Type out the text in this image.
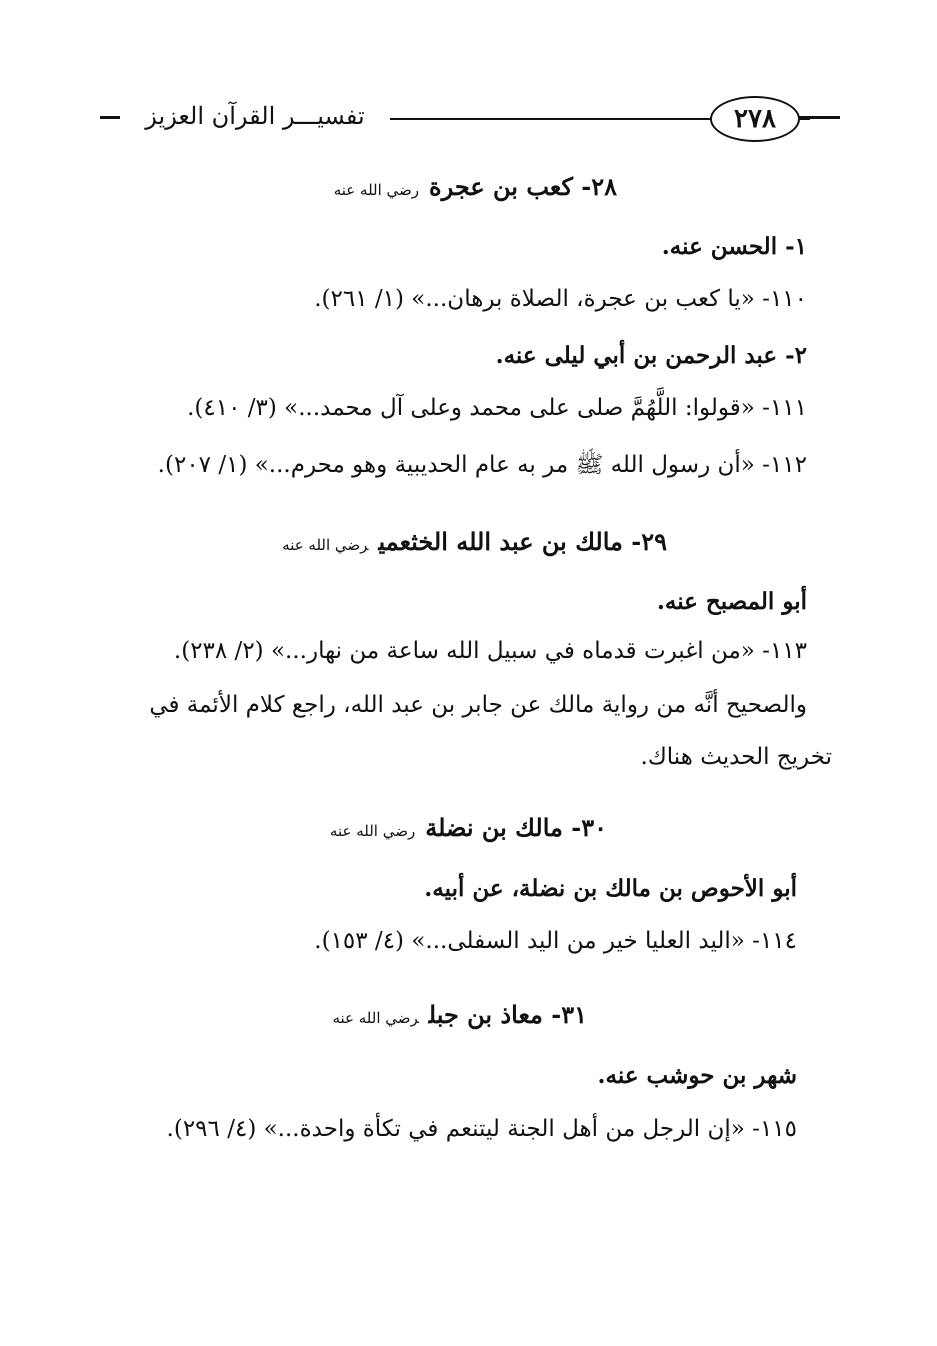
تفسيـــر القرآن العزيز	٢٧٨
٢٨- كعب بن عجرةرضي الله عنه
١- الحسن عنه.
١١٠- «يا كعب بن عجرة، الصلاة برهان...» (١/ ٢٦١).
٢- عبد الرحمن بن أبي ليلى عنه.
١١١- «قولوا: اللَّهُمَّ صلى على محمد وعلى آل محمد...» (٣/ ٤١٠).
١١٢- «أن رسول الله ﷺ مر به عام الحديبية وهو محرم...» (١/ ٢٠٧).
٢٩- مالك بن عبد الله الخثعميرضي الله عنه
أبو المصبح عنه.
١١٣- «من اغبرت قدماه في سبيل الله ساعة من نهار...» (٢/ ٢٣٨).
والصحيح أنَّه من رواية مالك عن جابر بن عبد الله، راجع كلام الأئمة في
تخريج الحديث هناك.
٣٠- مالك بن نضلةرضي الله عنه
أبو الأحوص بن مالك بن نضلة، عن أبيه.
١١٤- «اليد العليا خير من اليد السفلى...» (٤/ ١٥٣).
٣١- معاذ بن جبلرضي الله عنه
شهر بن حوشب عنه.
١١٥- «إن الرجل من أهل الجنة ليتنعم في تكأة واحدة...» (٤/ ٢٩٦).
